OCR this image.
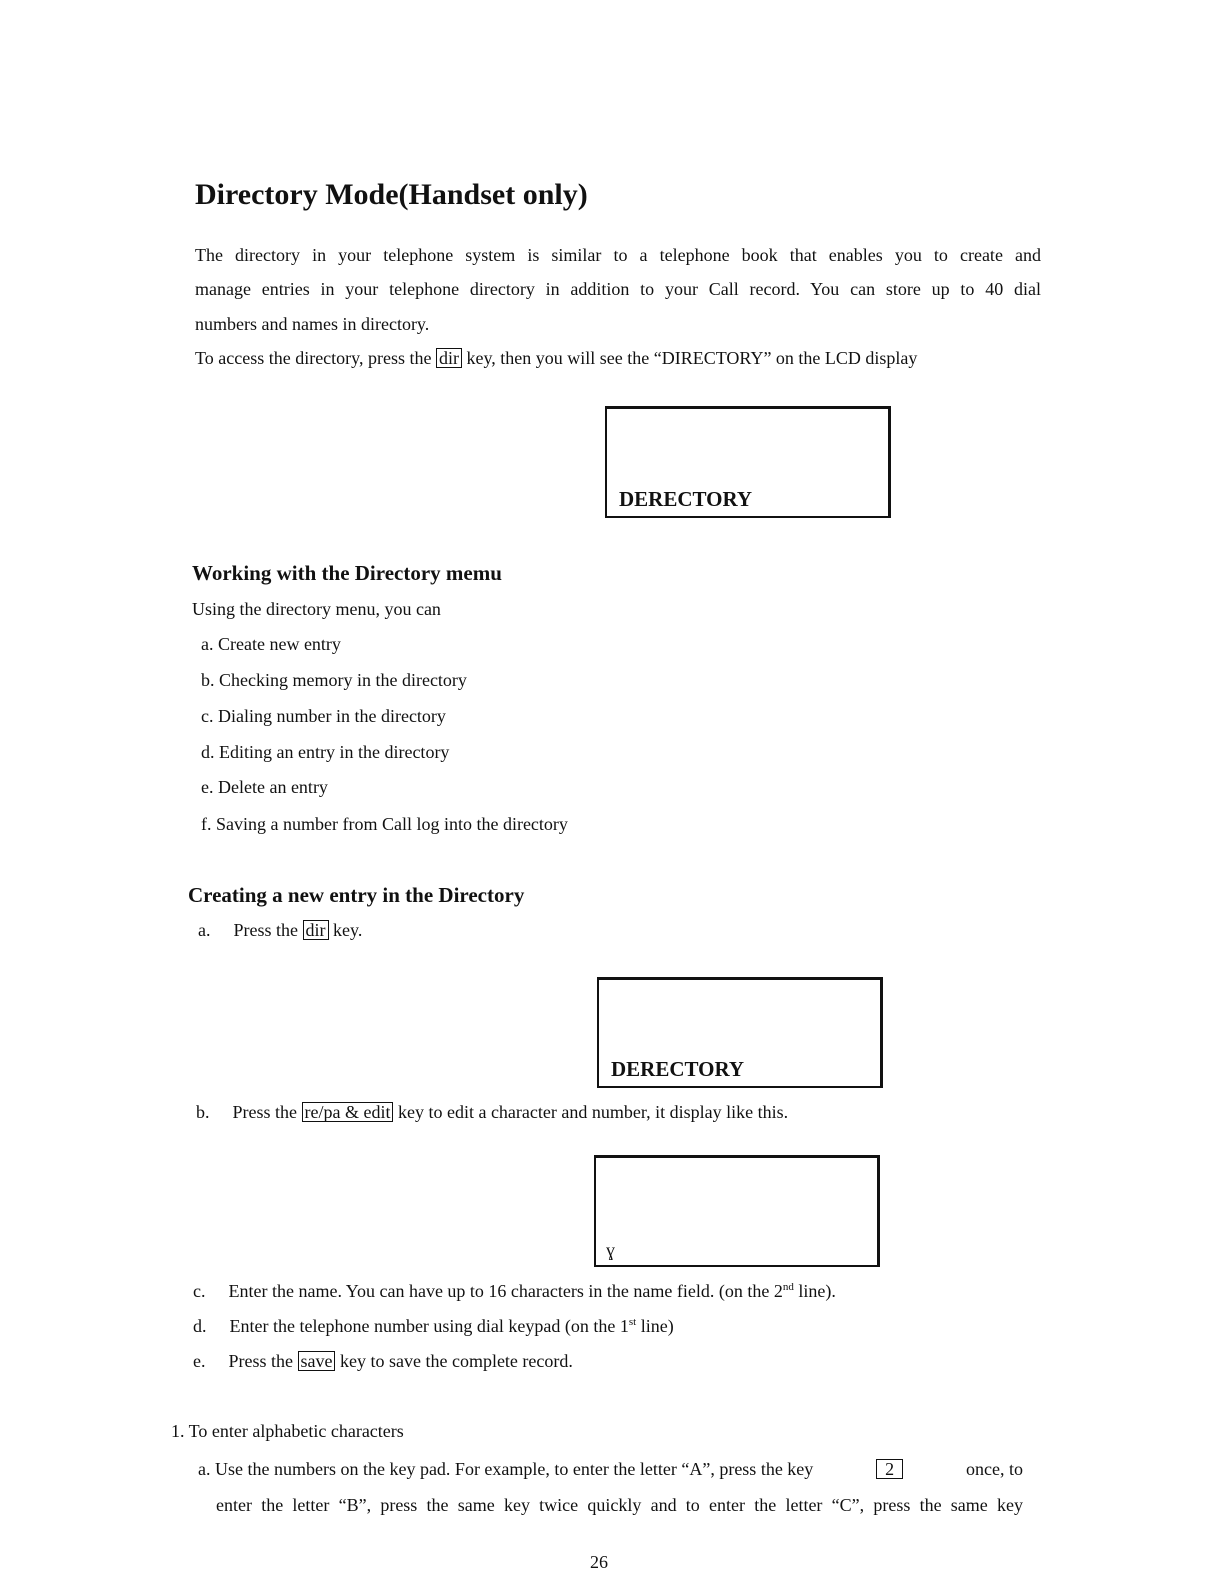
Directory Mode(Handset only)
The directory in your telephone system is similar to a telephone book that enables you to create and
manage entries in your telephone directory in addition to your Call record. You can store up to 40 dial
numbers and names in directory.
To access the directory, press the dir key, then you will see the “DIRECTORY” on the LCD display
DERECTORY
Working with the Directory memu
Using the directory menu, you can
a. Create new entry
b. Checking memory in the directory
c. Dialing number in the directory
d. Editing an entry in the directory
e. Delete an entry
f. Saving a number from Call log into the directory
Creating a new entry in the Directory
a. Press the dir key.
DERECTORY
b. Press the re/pa & edit key to edit a character and number, it display like this.
ɣ
c. Enter the name. You can have up to 16 characters in the name field. (on the 2nd line).
d. Enter the telephone number using dial keypad (on the 1st line)
e. Press the save key to save the complete record.
1. To enter alphabetic characters
a. Use the numbers on the key pad. For example, to enter the letter “A”, press the key	2	once, to
enter the letter “B”, press the same key twice quickly and to enter the letter “C”, press the same key
26
